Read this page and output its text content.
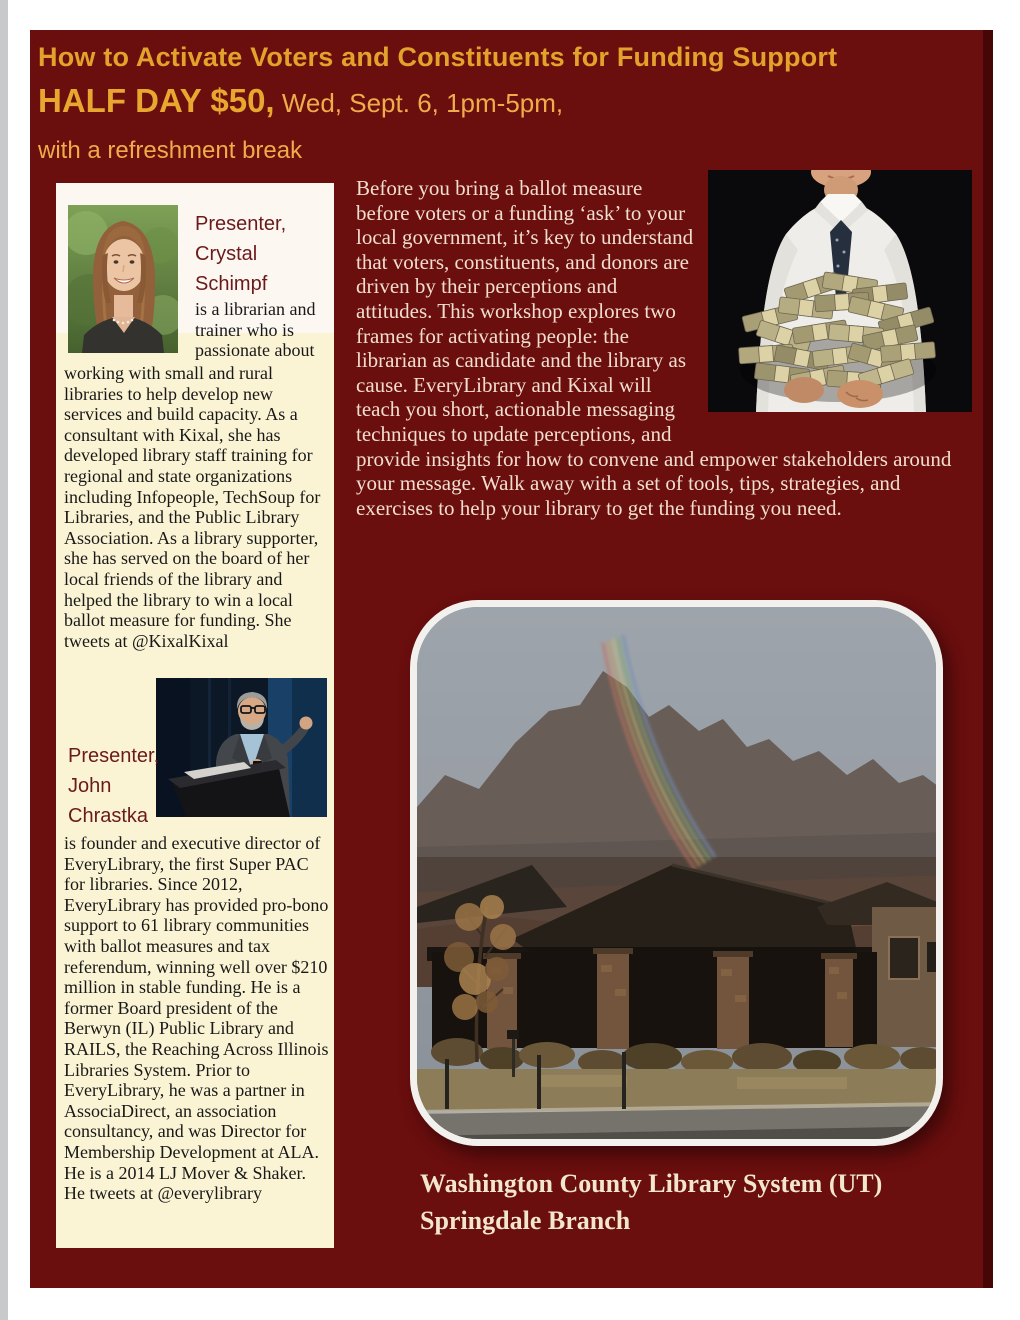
How to Activate Voters and Constituents for Funding Support
HALF DAY $50, Wed, Sept. 6, 1pm-5pm,
with a refreshment break
Presenter, Crystal Schimpf

is a librarian and trainer who is passionate about

working with small and rural libraries to help develop new services and build capacity. As a consultant with Kixal, she has developed library staff training for regional and state organizations including Infopeople, TechSoup for Libraries, and the Public Library Association. As a library supporter, she has served on the board of her local friends of the library and helped the library to win a local ballot measure for funding. She tweets at @KixalKixal

Presenter, John Chrastka

is founder and executive director of EveryLibrary, the first Super PAC for libraries. Since 2012, EveryLibrary has provided pro-bono support to 61 library communities with ballot measures and tax referendum, winning well over $210 million in stable funding. He is a former Board president of the Berwyn (IL) Public Library and RAILS, the Reaching Across Illinois Libraries System. Prior to EveryLibrary, he was a partner in AssociaDirect, an association consultancy, and was Director for Membership Development at ALA. He is a 2014 LJ Mover & Shaker. He tweets at @everylibrary

Before you bring a ballot measure before voters or a funding ‘ask’ to your local government, it’s key to understand that voters, constituents, and donors are driven by their perceptions and attitudes. This workshop explores two frames for activating people: the librarian as candidate and the library as cause. EveryLibrary and Kixal will teach you short, actionable messaging techniques to update perceptions, and provide insights for how to convene and empower stakeholders around your message. Walk away with a set of tools, tips, strategies, and exercises to help your library to get the funding you need.

Washington County Library System (UT)
Springdale Branch
